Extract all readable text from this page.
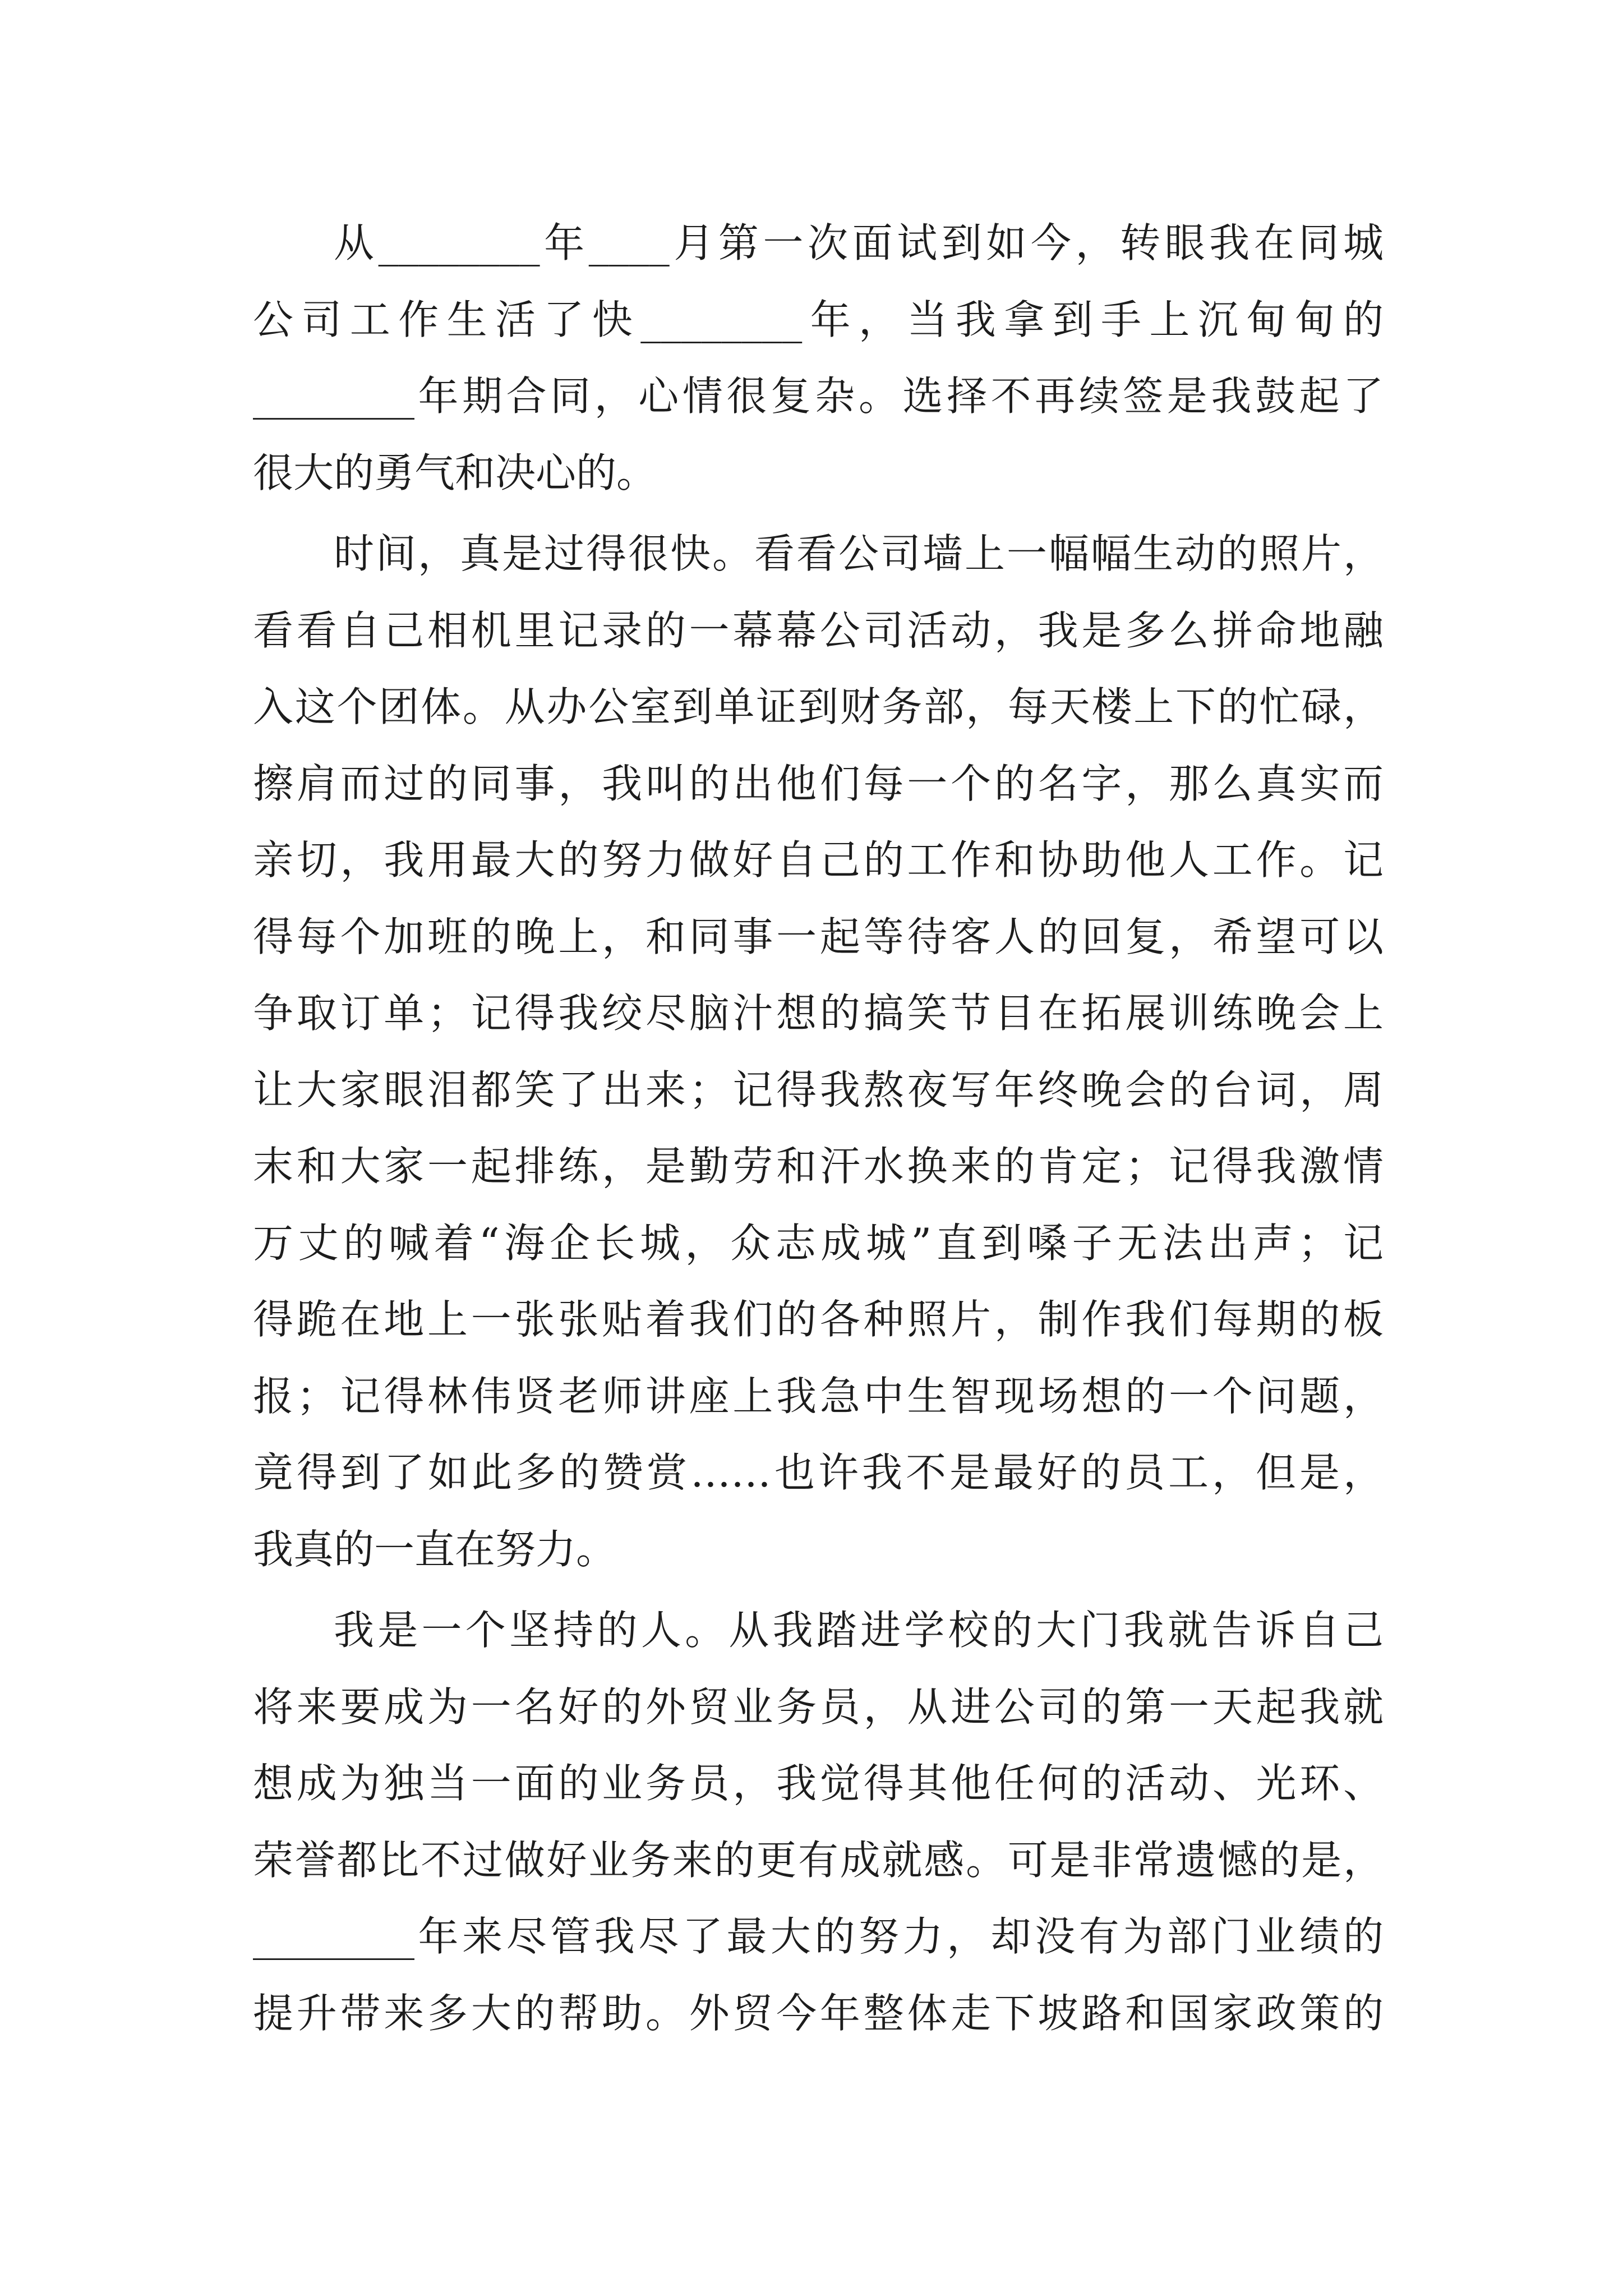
从________年____月第一次面试到如今，转眼我在同城
公司工作生活了快________年，当我拿到手上沉甸甸的
________年期合同，心情很复杂。选择不再续签是我鼓起了
很大的勇气和决心的。
时间，真是过得很快。看看公司墙上一幅幅生动的照片，
看看自己相机里记录的一幕幕公司活动，我是多么拼命地融
入这个团体。从办公室到单证到财务部，每天楼上下的忙碌，
擦肩而过的同事，我叫的出他们每一个的名字，那么真实而
亲切，我用最大的努力做好自己的工作和协助他人工作。记
得每个加班的晚上，和同事一起等待客人的回复，希望可以
争取订单；记得我绞尽脑汁想的搞笑节目在拓展训练晚会上
让大家眼泪都笑了出来；记得我熬夜写年终晚会的台词，周
末和大家一起排练，是勤劳和汗水换来的肯定；记得我激情
万丈的喊着“海企长城，众志成城”直到嗓子无法出声；记
得跪在地上一张张贴着我们的各种照片，制作我们每期的板
报；记得林伟贤老师讲座上我急中生智现场想的一个问题，
竟得到了如此多的赞赏……也许我不是最好的员工，但是，
我真的一直在努力。
我是一个坚持的人。从我踏进学校的大门我就告诉自己
将来要成为一名好的外贸业务员，从进公司的第一天起我就
想成为独当一面的业务员，我觉得其他任何的活动、光环、
荣誉都比不过做好业务来的更有成就感。可是非常遗憾的是，
________年来尽管我尽了最大的努力，却没有为部门业绩的
提升带来多大的帮助。外贸今年整体走下坡路和国家政策的
